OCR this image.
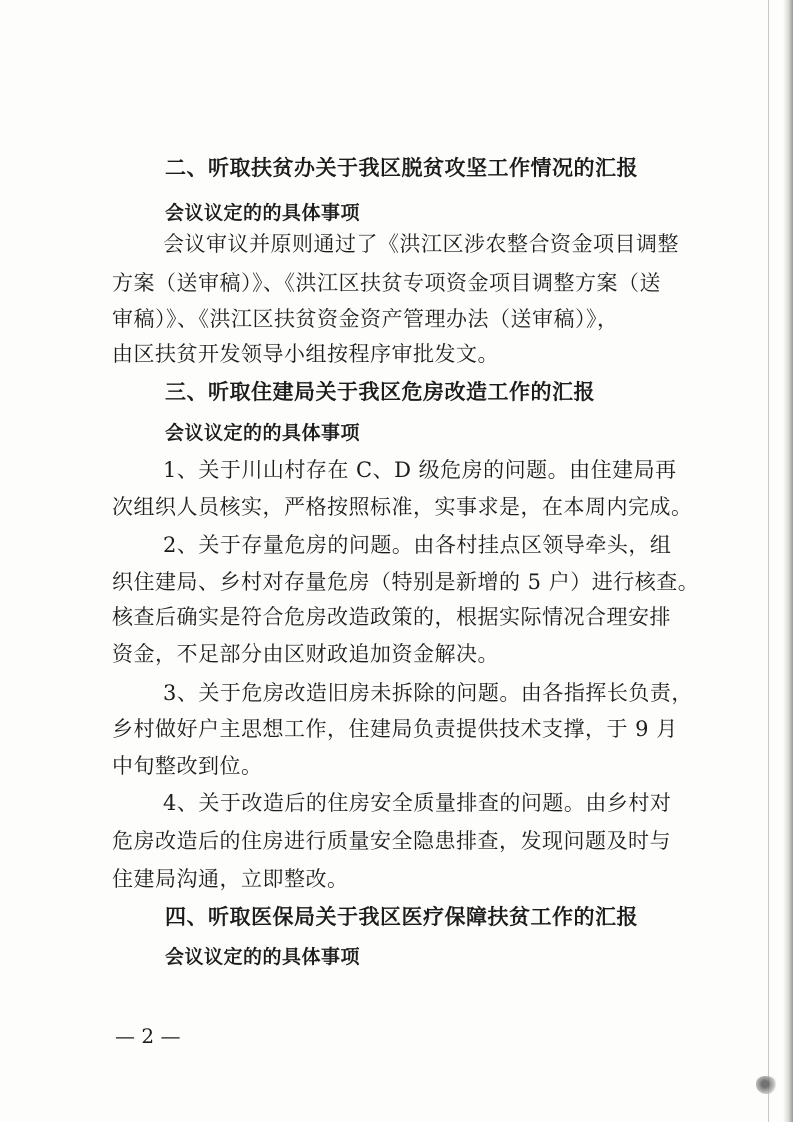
二、听取扶贫办关于我区脱贫攻坚工作情况的汇报
会议议定的的具体事项
会议审议并原则通过了《洪江区涉农整合资金项目调整
方案（送审稿）》、《洪江区扶贫专项资金项目调整方案（送
审稿）》、《洪江区扶贫资金资产管理办法（送审稿）》，
由区扶贫开发领导小组按程序审批发文。
三、听取住建局关于我区危房改造工作的汇报
会议议定的的具体事项
1、关于川山村存在 C、D 级危房的问题。由住建局再
次组织人员核实，严格按照标准，实事求是，在本周内完成。
2、关于存量危房的问题。由各村挂点区领导牵头，组
织住建局、乡村对存量危房（特别是新增的 5 户）进行核查。
核查后确实是符合危房改造政策的，根据实际情况合理安排
资金，不足部分由区财政追加资金解决。
3、关于危房改造旧房未拆除的问题。由各指挥长负责，
乡村做好户主思想工作，住建局负责提供技术支撑，于 9 月
中旬整改到位。
4、关于改造后的住房安全质量排查的问题。由乡村对
危房改造后的住房进行质量安全隐患排查，发现问题及时与
住建局沟通，立即整改。
四、听取医保局关于我区医疗保障扶贫工作的汇报
会议议定的的具体事项
— 2 —
